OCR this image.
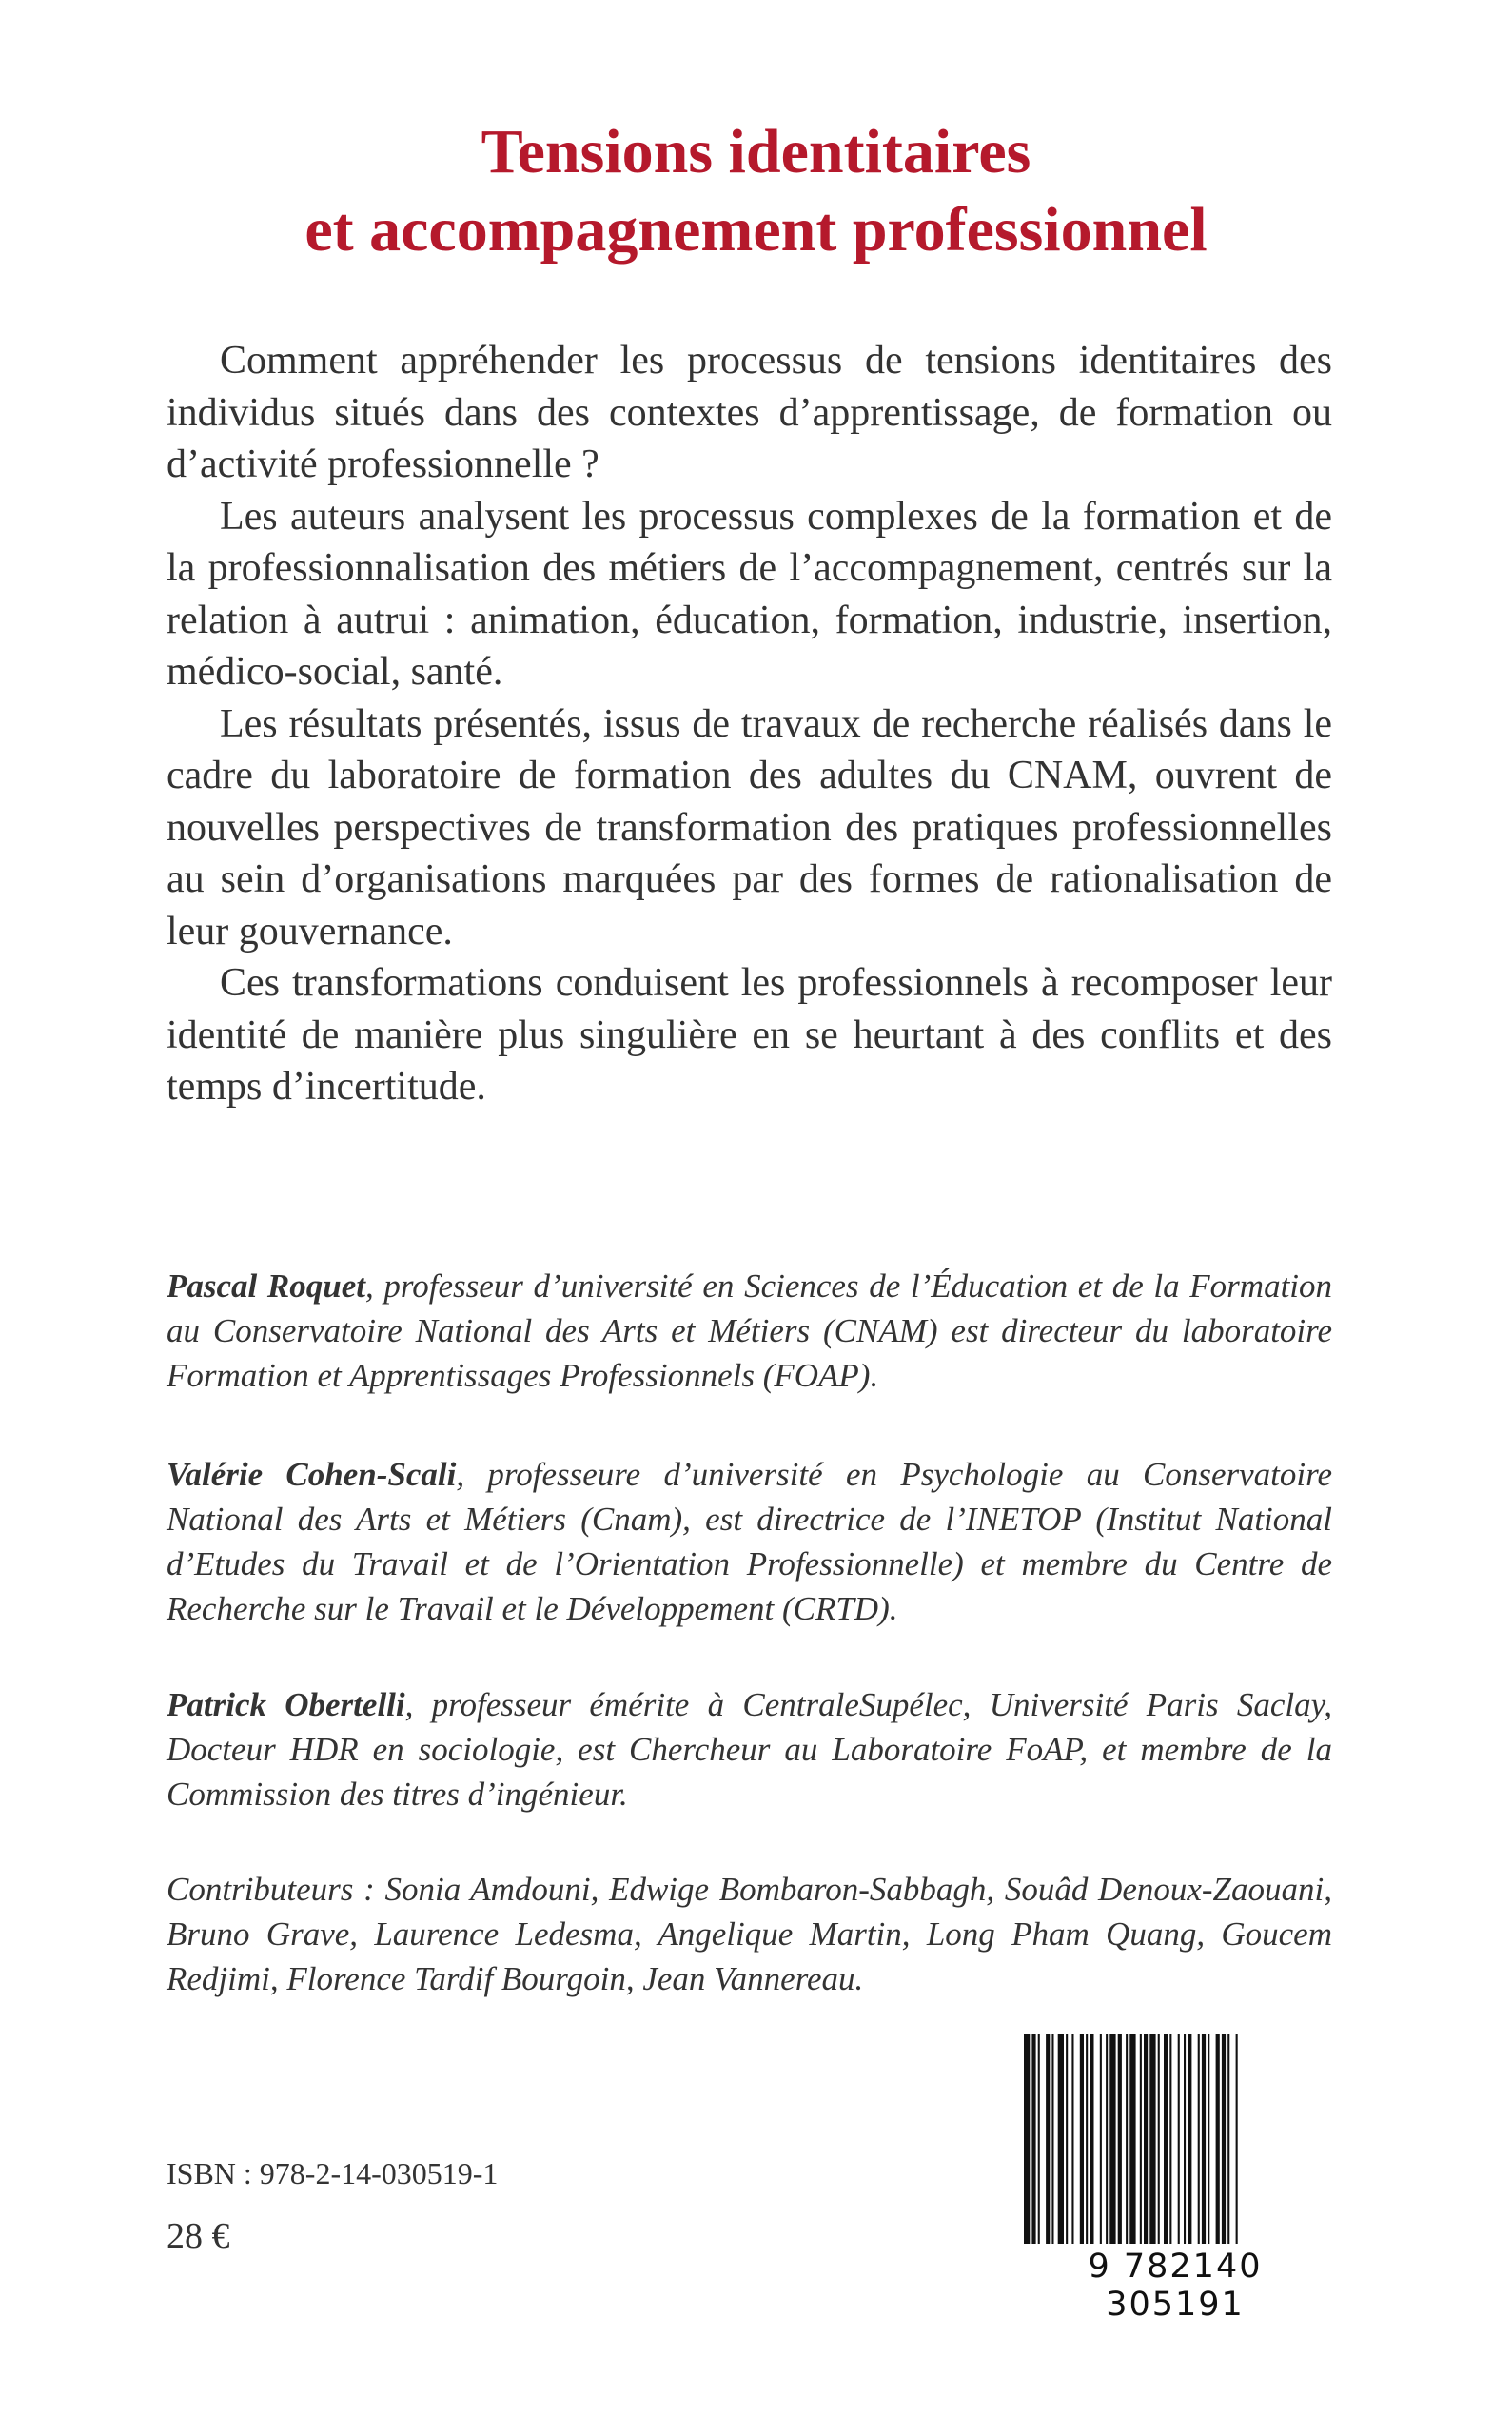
Tensions identitaires
et accompagnement professionnel

Comment appréhender les processus de tensions identitaires des individus situés dans des contextes d’apprentissage, de formation ou d’activité professionnelle ?

Les auteurs analysent les processus complexes de la formation et de la professionnalisation des métiers de l’accompagnement, centrés sur la relation à autrui : animation, éducation, formation, industrie, insertion, médico-social, santé.

Les résultats présentés, issus de travaux de recherche réalisés dans le cadre du laboratoire de formation des adultes du CNAM, ouvrent de nouvelles perspectives de transformation des pratiques professionnelles au sein d’organisations marquées par des formes de rationalisation de leur gouvernance.

Ces transformations conduisent les professionnels à recomposer leur identité de manière plus singulière en se heurtant à des conflits et des temps d’incertitude.

Pascal Roquet, professeur d’université en Sciences de l’Éducation et de la Formation au Conservatoire National des Arts et Métiers (CNAM) est directeur du laboratoire Formation et Apprentissages Professionnels (FOAP).
Valérie Cohen-Scali, professeure d’université en Psychologie au Conservatoire National des Arts et Métiers (Cnam), est directrice de l’INETOP (Institut National d’Etudes du Travail et de l’Orientation Professionnelle) et membre du Centre de Recherche sur le Travail et le Développement (CRTD).
Patrick Obertelli, professeur émérite à CentraleSupélec, Université Paris Saclay, Docteur HDR en sociologie, est Chercheur au Laboratoire FoAP, et membre de la Commission des titres d’ingénieur.
Contributeurs : Sonia Amdouni, Edwige Bombaron-Sabbagh, Souâd Denoux-Zaouani, Bruno Grave, Laurence Ledesma, Angelique Martin, Long Pham Quang, Goucem Redjimi, Florence Tardif Bourgoin, Jean Vannereau.
ISBN : 978-2-14-030519-1
28 €
9 782140 305191
